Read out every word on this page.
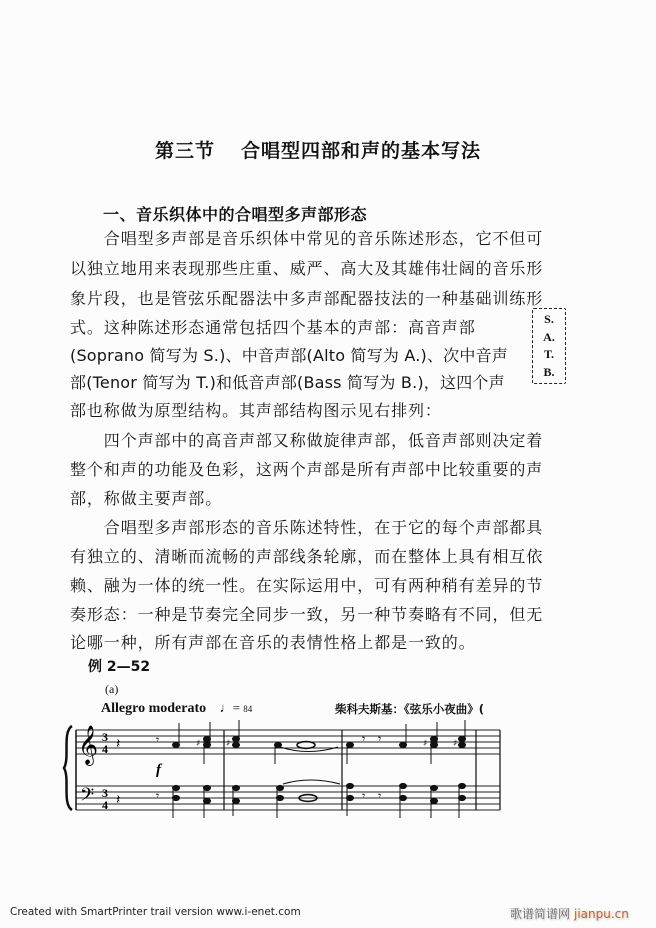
第三节 合唱型四部和声的基本写法
一、音乐织体中的合唱型多声部形态
　　合唱型多声部是音乐织体中常见的音乐陈述形态，它不但可
以独立地用来表现那些庄重、威严、高大及其雄伟壮阔的音乐形
象片段，也是管弦乐配器法中多声部配器技法的一种基础训练形
式。这种陈述形态通常包括四个基本的声部：高音声部
(Soprano 简写为 S.)、中音声部(Alto 简写为 A.)、次中音声
部(Tenor 简写为 T.)和低音声部(Bass 简写为 B.)，这四个声
部也称做为原型结构。其声部结构图示见右排列：
S.
A.
T.
B.
　　四个声部中的高音声部又称做旋律声部，低音声部则决定着
整个和声的功能及色彩，这两个声部是所有声部中比较重要的声
部，称做主要声部。
　　合唱型多声部形态的音乐陈述特性，在于它的每个声部都具
有独立的、清晰而流畅的声部线条轮廓，而在整体上具有相互依
赖、融为一体的统一性。在实际运用中，可有两种稍有差异的节
奏形态：一种是节奏完全同步一致，另一种节奏略有不同，但无
论哪一种，所有声部在音乐的表情性格上都是一致的。
例 2—52
(a)
Allegro moderato ♩= 84	柴科夫斯基：《弦乐小夜曲》(
𝄞
𝄢
3
4
3
4
𝄽
𝄽
𝄾
𝄾
♯	♯	♯	♯
f
𝄾 𝄾
𝄾 𝄾
Created with SmartPrinter trail version www.i-enet.com	歌谱简谱网 jianpu.cn
